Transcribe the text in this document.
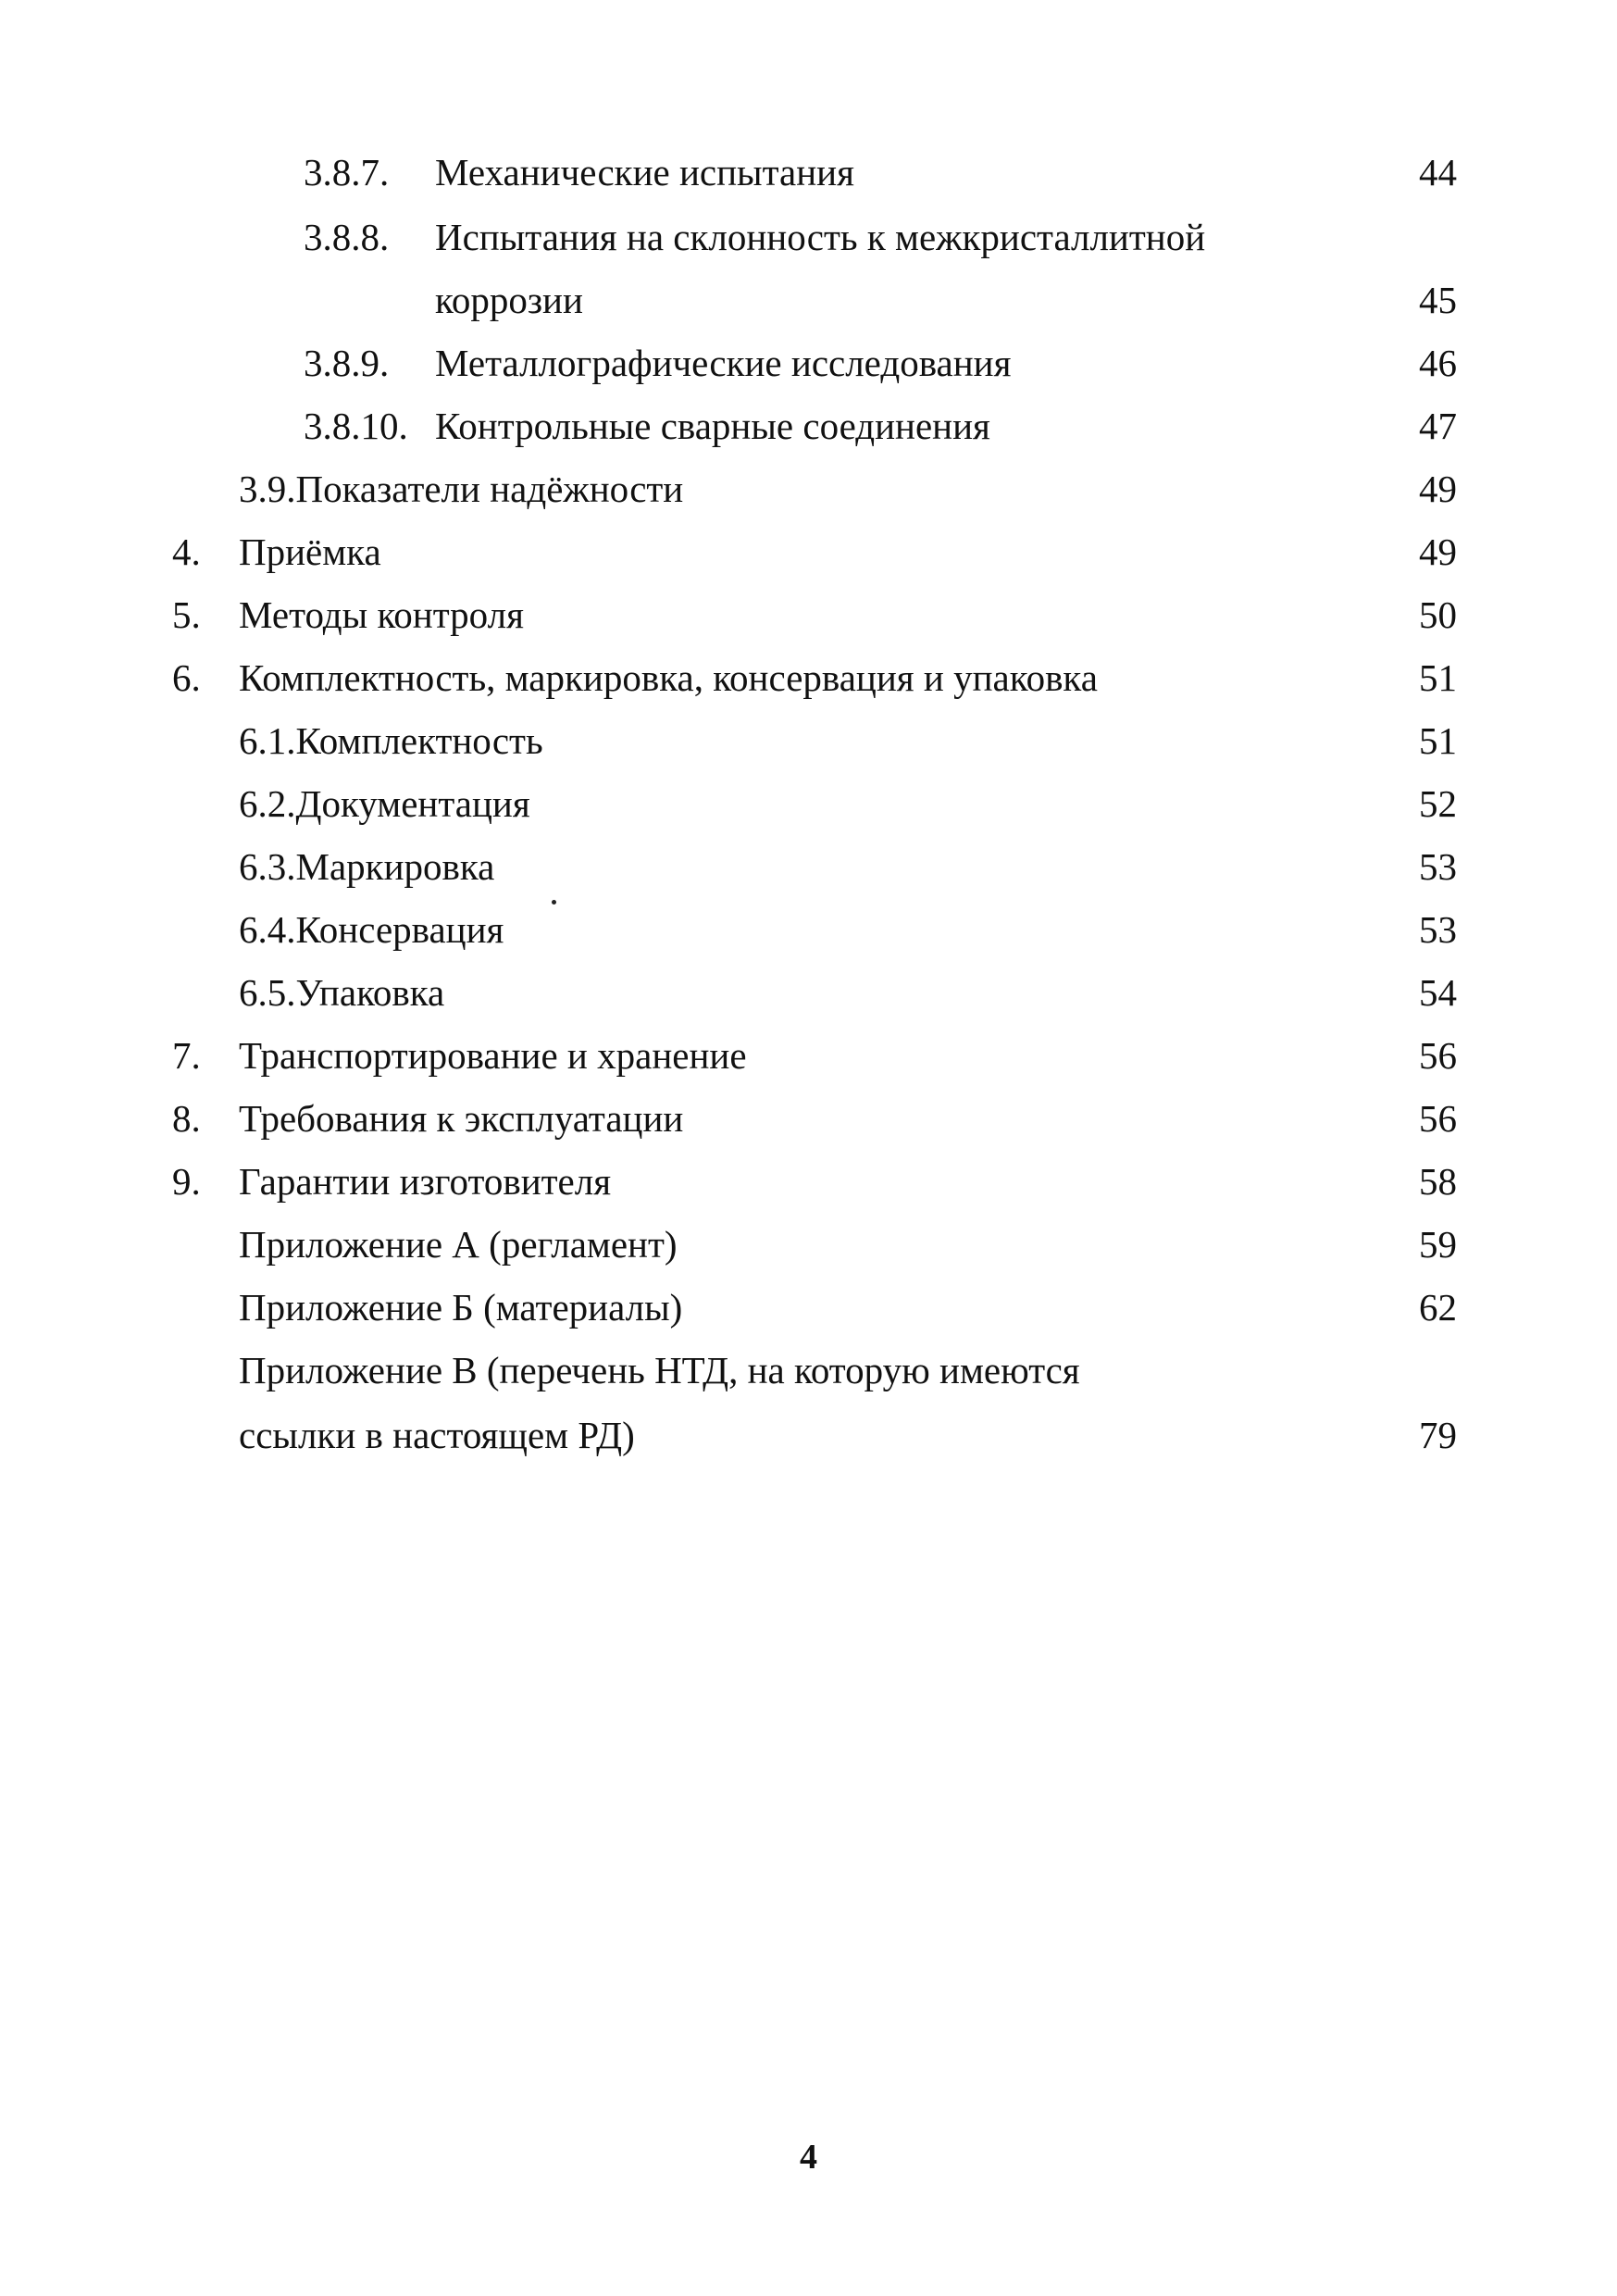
3.8.7. Механические испытания	44
3.8.8. Испытания на склонность к межкристаллитной
коррозии	45
3.8.9. Металлографические исследования	46
3.8.10. Контрольные сварные соединения	47
3.9.Показатели надёжности	49
4. Приёмка	49
5. Методы контроля	50
6. Комплектность, маркировка, консервация и упаковка	51
6.1.Комплектность	51
6.2.Документация	52
6.3.Маркировка	53
6.4.Консервация	53
6.5.Упаковка	54
7. Транспортирование и хранение	56
8. Требования к эксплуатации	56
9. Гарантии изготовителя	58
Приложение А (регламент)	59
Приложение Б (материалы)	62
Приложение В (перечень НТД, на которую имеются
ссылки в настоящем РД)	79
4
